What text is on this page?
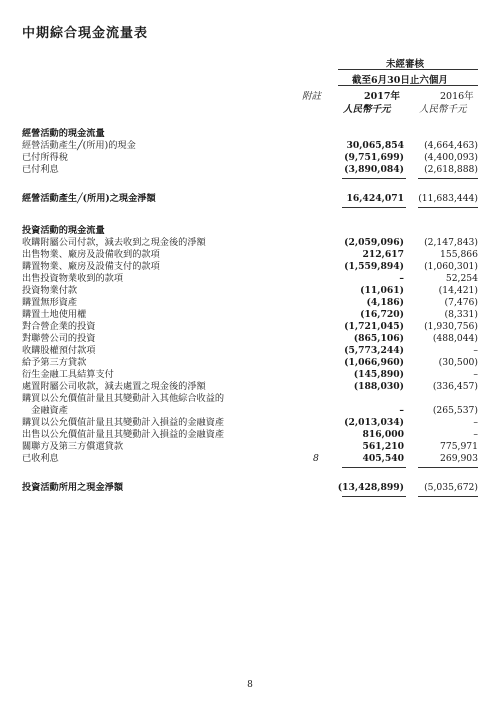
中期綜合現金流量表
未經審核
截至6月30日止六個月
附註	2017年	2016年
人民幣千元	人民幣千元
經營活動的現金流量
經營活動產生╱(所用)的現金	30,065,854 (4,664,463)
已付所得稅	(9,751,699) (4,400,093)
已付利息	(3,890,084) (2,618,888)
經營活動產生╱(所用)之現金淨額	16,424,071 (11,683,444)
投資活動的現金流量
收購附屬公司付款，減去收到之現金後的淨額	(2,059,096) (2,147,843)
出售物業、廠房及設備收到的款項	212,617	155,866
購置物業、廠房及設備支付的款項	(1,559,894) (1,060,301)
出售投資物業收到的款項	–	52,254
投資物業付款	(11,061)	(14,421)
購置無形資產	(4,186)	(7,476)
購置土地使用權	(16,720)	(8,331)
對合營企業的投資	(1,721,045) (1,930,756)
對聯營公司的投資	(865,106)	(488,044)
收購股權預付款項	(5,773,244)	–
給予第三方貸款	(1,066,960)	(30,500)
衍生金融工具結算支付	(145,890)	–
處置附屬公司收款，減去處置之現金後的淨額	(188,030)	(336,457)
購買以公允價值計量且其變動計入其他綜合收益的
　金融資產	–	(265,537)
購買以公允價值計量且其變動計入損益的金融資產	(2,013,034)	–
出售以公允價值計量且其變動計入損益的金融資產	816,000	–
關聯方及第三方償還貸款	561,210	775,971
已收利息	8	405,540	269,903
投資活動所用之現金淨額	(13,428,899) (5,035,672)
8
